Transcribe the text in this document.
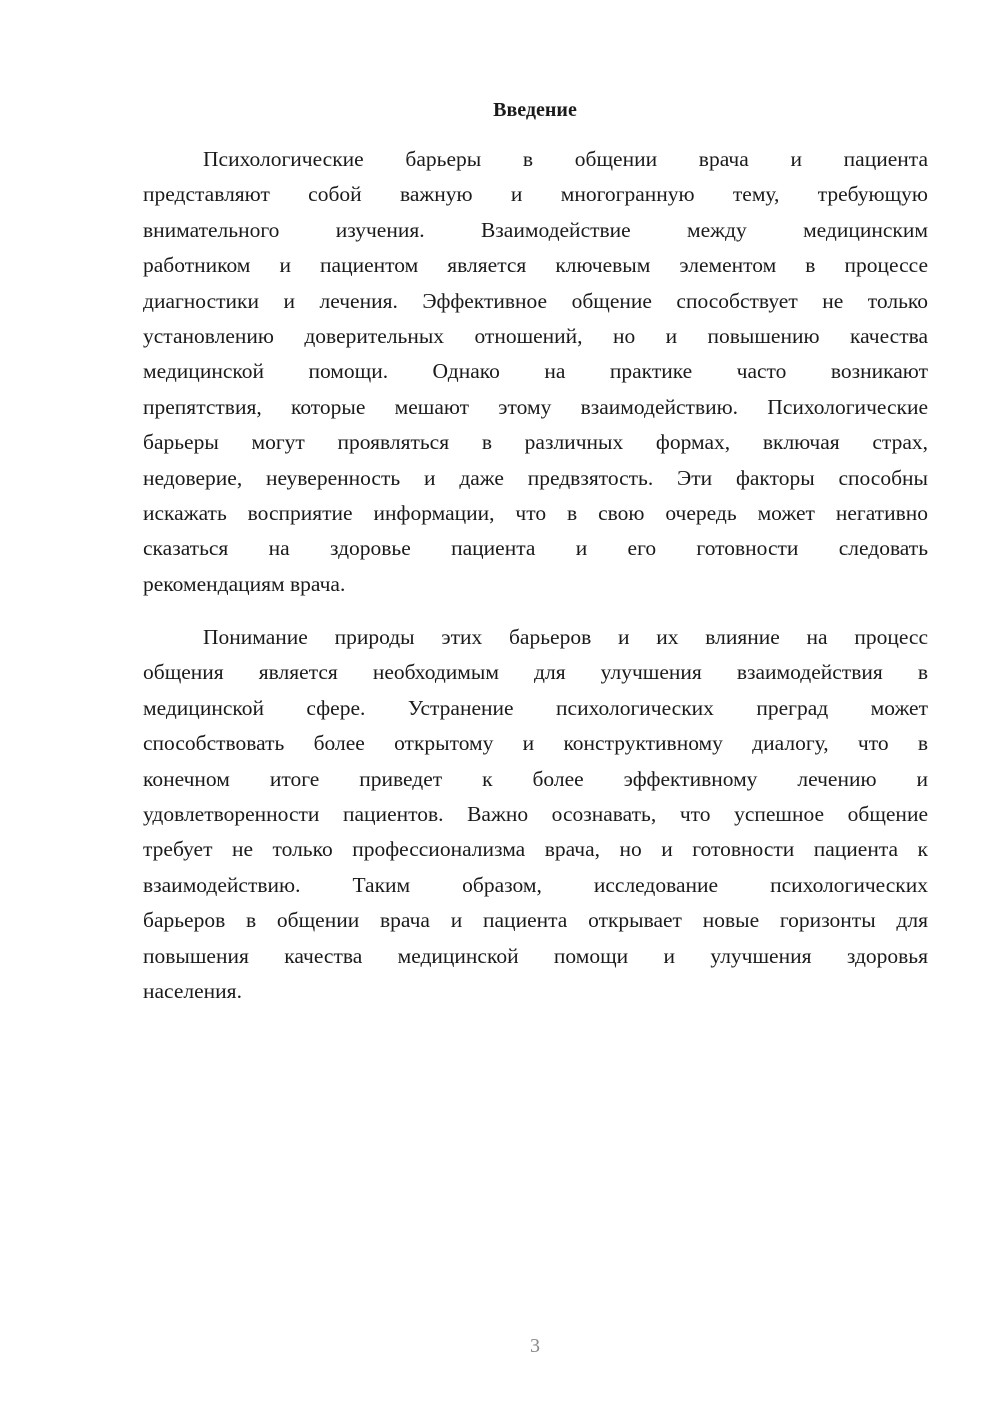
Введение
Психологические барьеры в общении врача и пациента
представляют собой важную и многогранную тему, требующую
внимательного изучения. Взаимодействие между медицинским
работником и пациентом является ключевым элементом в процессе
диагностики и лечения. Эффективное общение способствует не только
установлению доверительных отношений, но и повышению качества
медицинской помощи. Однако на практике часто возникают
препятствия, которые мешают этому взаимодействию. Психологические
барьеры могут проявляться в различных формах, включая страх,
недоверие, неуверенность и даже предвзятость. Эти факторы способны
искажать восприятие информации, что в свою очередь может негативно
сказаться на здоровье пациента и его готовности следовать
рекомендациям врача.
Понимание природы этих барьеров и их влияние на процесс
общения является необходимым для улучшения взаимодействия в
медицинской сфере. Устранение психологических преград может
способствовать более открытому и конструктивному диалогу, что в
конечном итоге приведет к более эффективному лечению и
удовлетворенности пациентов. Важно осознавать, что успешное общение
требует не только профессионализма врача, но и готовности пациента к
взаимодействию. Таким образом, исследование психологических
барьеров в общении врача и пациента открывает новые горизонты для
повышения качества медицинской помощи и улучшения здоровья
населения.
3
